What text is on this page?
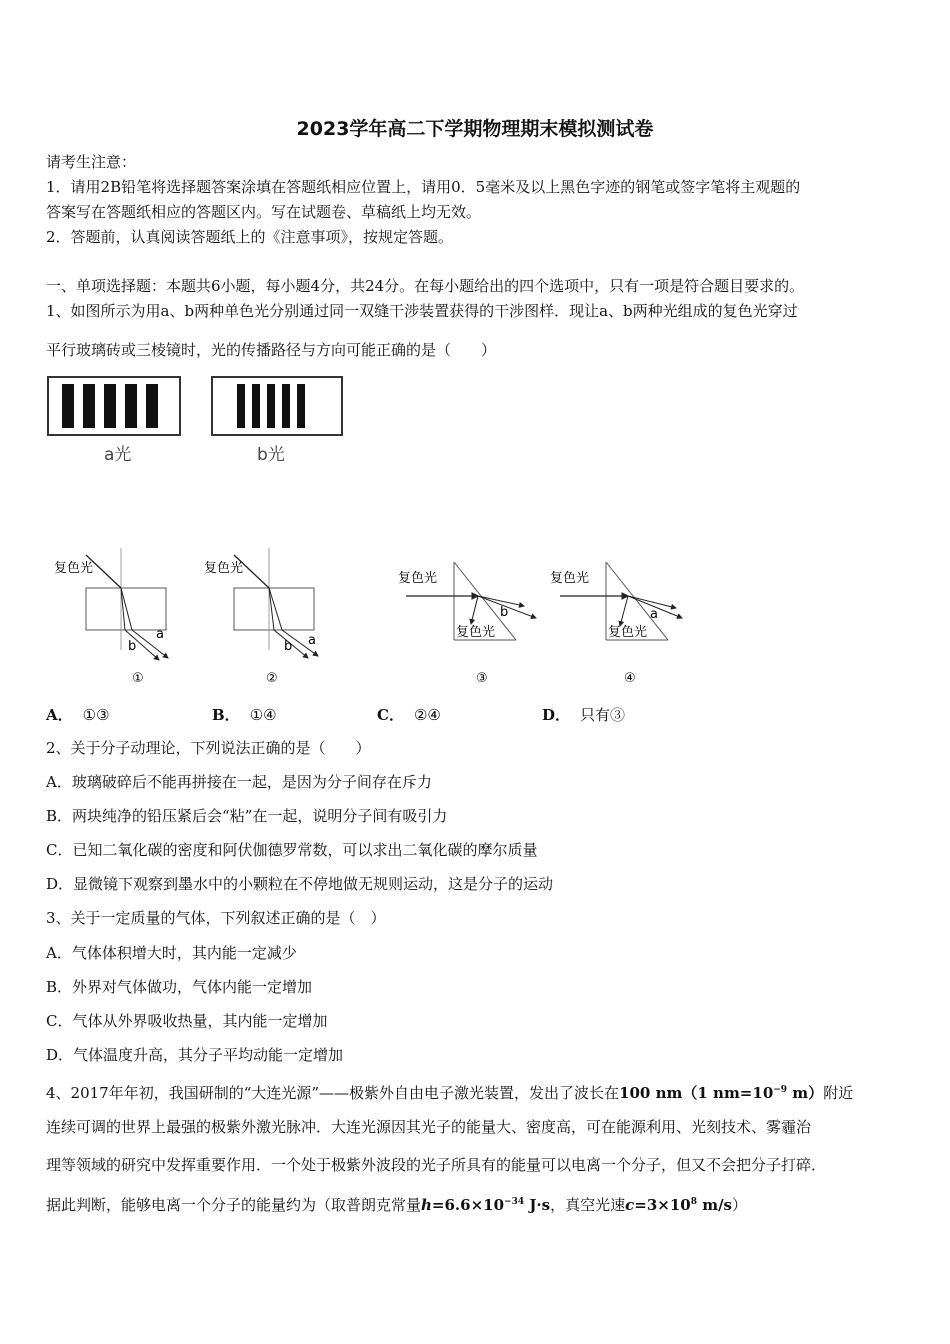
2023学年高二下学期物理期末模拟测试卷
请考生注意：
1．请用2B铅笔将选择题答案涂填在答题纸相应位置上，请用0．5毫米及以上黑色字迹的钢笔或签字笔将主观题的
答案写在答题纸相应的答题区内。写在试题卷、草稿纸上均无效。
2．答题前，认真阅读答题纸上的《注意事项》，按规定答题。
一、单项选择题：本题共6小题，每小题4分，共24分。在每小题给出的四个选项中，只有一项是符合题目要求的。
1、如图所示为用a、b两种单色光分别通过同一双缝干涉装置获得的干涉图样．现让a、b两种光组成的复色光穿过
平行玻璃砖或三棱镜时，光的传播路径与方向可能正确的是（　　）
a光	b光
复色光
a
b
①
复色光
a
b
②
复色光
b
复色光
③
复色光
a
复色光
④
A． ①③	B． ①④	C． ②④	D． 只有③
2、关于分子动理论，下列说法正确的是（　　）
A．玻璃破碎后不能再拼接在一起，是因为分子间存在斥力
B．两块纯净的铅压紧后会“粘”在一起，说明分子间有吸引力
C．已知二氧化碳的密度和阿伏伽德罗常数，可以求出二氧化碳的摩尔质量
D．显微镜下观察到墨水中的小颗粒在不停地做无规则运动，这是分子的运动
3、关于一定质量的气体，下列叙述正确的是（　）
A．气体体积增大时，其内能一定减少
B．外界对气体做功，气体内能一定增加
C．气体从外界吸收热量，其内能一定增加
D．气体温度升高，其分子平均动能一定增加
4、2017年年初，我国研制的“大连光源”——极紫外自由电子激光装置，发出了波长在100 nm（1 $nm=10^{-9}$ m）附近
连续可调的世界上最强的极紫外激光脉冲．大连光源因其光子的能量大、密度高，可在能源利用、光刻技术、雾霾治
理等领域的研究中发挥重要作用．一个处于极紫外波段的光子所具有的能量可以电离一个分子，但又不会把分子打碎．
据此判断，能够电离一个分子的能量约为（取普朗克常量$h=6.6\times 10^{-34}$ J·s，真空光速$c=3\times 10^8$ m/s）
